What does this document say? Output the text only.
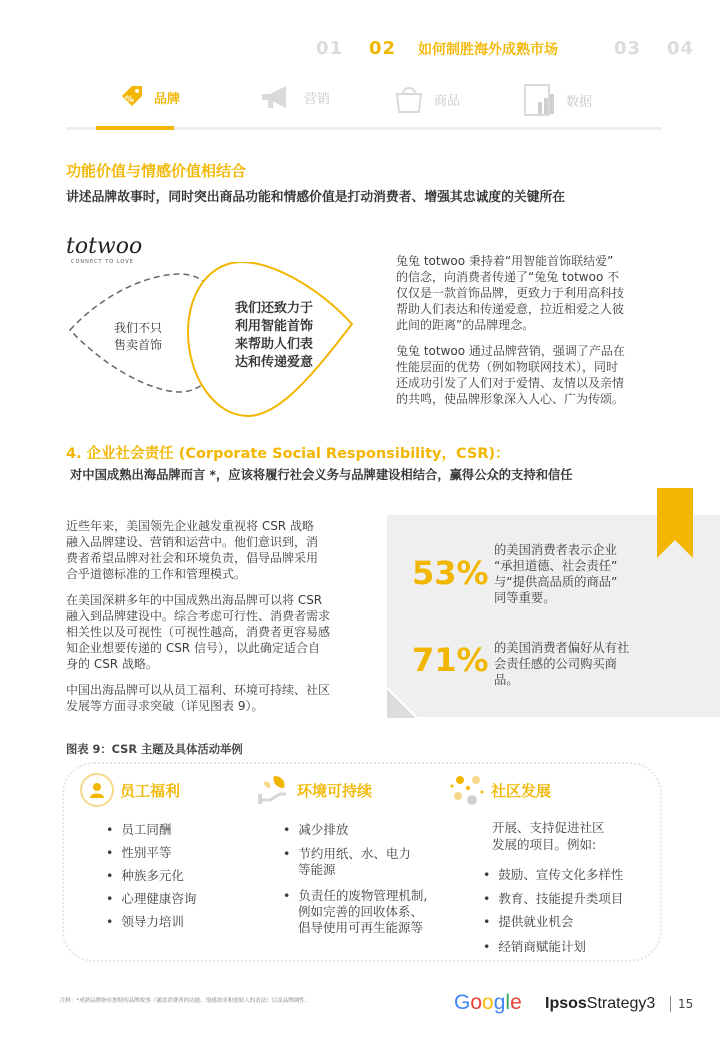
01 02 如何制胜海外成熟市场	03 04
% 品牌	营销	商品	数据
功能价值与情感价值相结合
讲述品牌故事时，同时突出商品功能和情感价值是打动消费者、增强其忠诚度的关键所在
totwoo
CONNECT TO LOVE
我们不只
售卖首饰
我们还致力于
利用智能首饰
来帮助人们表
达和传递爱意
兔兔 totwoo 秉持着“用智能首饰联结爱”
的信念，向消费者传递了“兔兔 totwoo 不
仅仅是一款首饰品牌，更致力于利用高科技
帮助人们表达和传递爱意，拉近相爱之人彼
此间的距离”的品牌理念。
兔兔 totwoo 通过品牌营销，强调了产品在
性能层面的优势（例如物联网技术），同时
还成功引发了人们对于爱情、友情以及亲情
的共鸣，使品牌形象深入人心、广为传颂。
4. 企业社会责任 (Corporate Social Responsibility，CSR)：
对中国成熟出海品牌而言 *，应该将履行社会义务与品牌建设相结合，赢得公众的支持和信任
近些年来，美国领先企业越发重视将 CSR 战略
融入品牌建设、营销和运营中。他们意识到，消
费者希望品牌对社会和环境负责，倡导品牌采用
合乎道德标准的工作和管理模式。
在美国深耕多年的中国成熟出海品牌可以将 CSR
融入到品牌建设中。综合考虑可行性、消费者需求
相关性以及可视性（可视性越高，消费者更容易感
知企业想要传递的 CSR 信号），以此确定适合自
身的 CSR 战略。
中国出海品牌可以从员工福利、环境可持续、社区
发展等方面寻求突破（详见图表 9）。
53%
的美国消费者表示企业
“承担道德、社会责任”
与“提供高品质的商品”
同等重要。
71% 的美国消费者偏好从有社
会责任感的公司购买商
品。
图表 9：CSR 主题及具体活动举例
员工福利
•  员工同酬
•  性别平等
•  种族多元化
•  心理健康咨询
•  领导力培训
环境可持续
•  减少排放
•  节约用纸、水、电力
等能源
•  负责任的废物管理机制,
例如完善的回收体系、
倡导使用可再生能源等
社区发展
开展、支持促进社区
发展的项目。例如:
•  鼓励、宣传文化多样性
•  教育、技能提升类项目
•  提供就业机会
•  经销商赋能计划
注释：*成熟品牌指有独特的品牌故事（涵盖消费者的功能、情感需求和创始人的看法）以及品牌调性。	Google IpsosStrategy3 15
